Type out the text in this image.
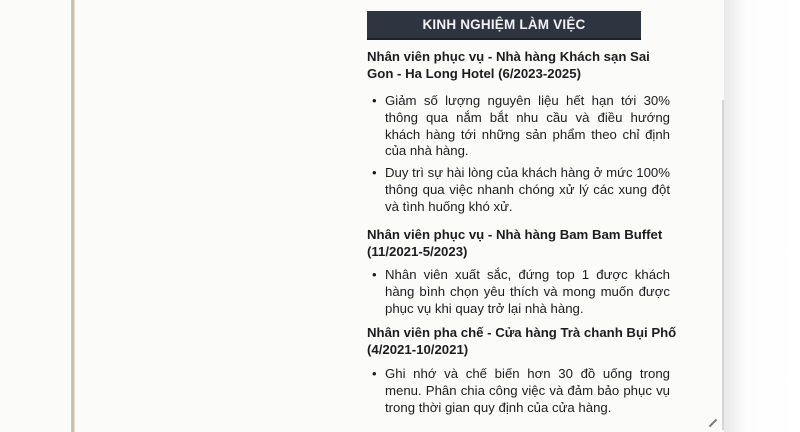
KINH NGHIỆM LÀM VIỆC
Nhân viên phục vụ - Nhà hàng Khách sạn Sai Gon - Ha Long Hotel (6/2023-2025)
• Giảm số lượng nguyên liệu hết hạn tới 30% thông qua nắm bắt nhu cầu và điều hướng khách hàng tới những sản phẩm theo chỉ định của nhà hàng.
• Duy trì sự hài lòng của khách hàng ở mức 100% thông qua việc nhanh chóng xử lý các xung đột và tình huống khó xử.
Nhân viên phục vụ - Nhà hàng Bam Bam Buffet (11/2021-5/2023)
• Nhân viên xuất sắc, đứng top 1 được khách hàng bình chọn yêu thích và mong muốn được phục vụ khi quay trở lại nhà hàng.
Nhân viên pha chế - Cửa hàng Trà chanh Bụi Phố (4/2021-10/2021)
• Ghi nhớ và chế biến hơn 30 đồ uống trong menu. Phân chia công việc và đảm bảo phục vụ trong thời gian quy định của cửa hàng.
